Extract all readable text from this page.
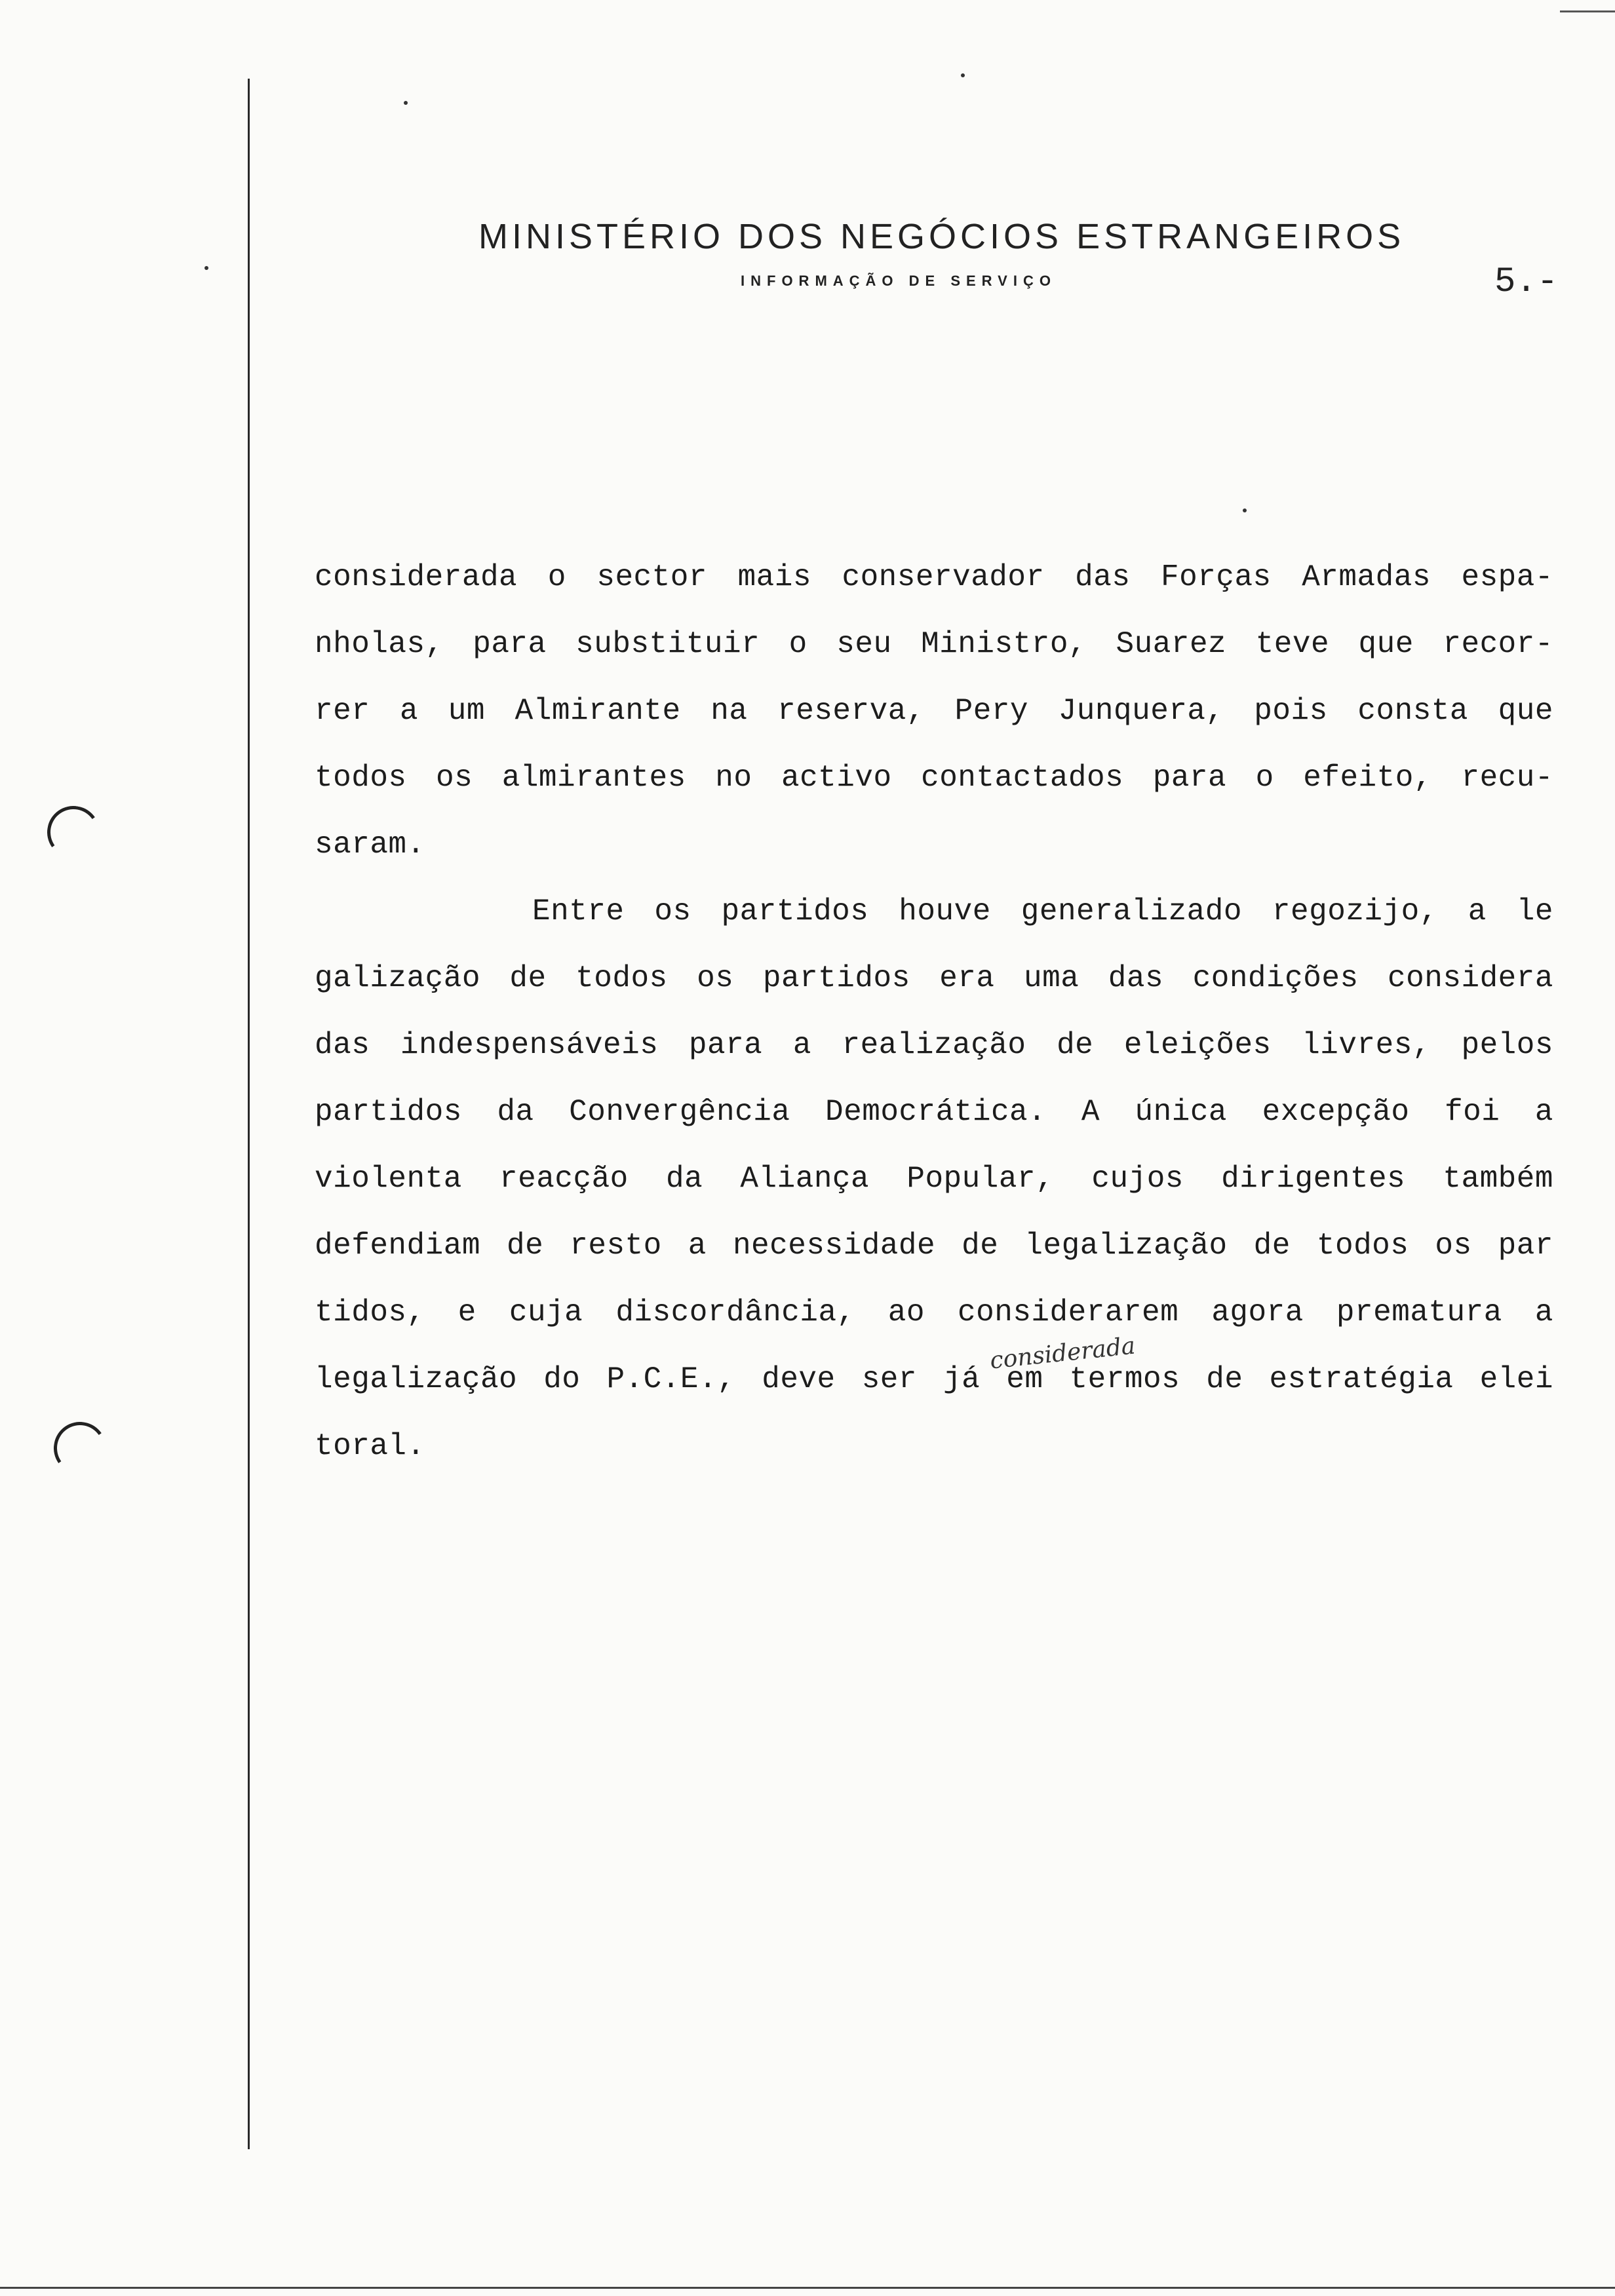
MINISTÉRIO DOS NEGÓCIOS ESTRANGEIROS
INFORMAÇÃO DE SERVIÇO	5.-
considerada o sector mais conservador das Forças Armadas espa-
nholas, para substituir o seu Ministro, Suarez teve que recor-
rer a um Almirante na reserva, Pery Junquera, pois consta que
todos os almirantes no activo contactados para o efeito, recu-
saram.
Entre os partidos houve generalizado regozijo, a le
galização de todos os partidos era uma das condições considera
das indespensáveis para a realização de eleições livres, pelos
partidos da Convergência Democrática. A única excepção foi a
violenta reacção da Aliança Popular, cujos dirigentes também
defendiam de resto a necessidade de legalização de todos os par
tidos, e cuja discordância, ao considerarem agora prematura a
legalização do P.C.E., deve ser já em termos de estratégia elei
toral.
considerada
